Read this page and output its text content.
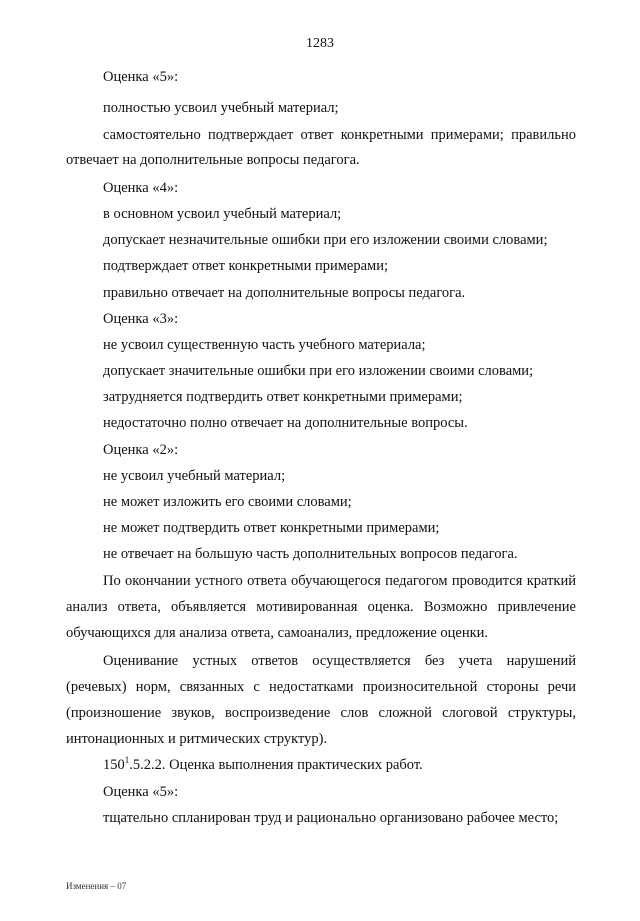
1283
Оценка «5»:
полностью усвоил учебный материал;
самостоятельно подтверждает ответ конкретными примерами; правильно
отвечает на дополнительные вопросы педагога.
Оценка «4»:
в основном усвоил учебный материал;
допускает незначительные ошибки при его изложении своими словами;
подтверждает ответ конкретными примерами;
правильно отвечает на дополнительные вопросы педагога.
Оценка «3»:
не усвоил существенную часть учебного материала;
допускает значительные ошибки при его изложении своими словами;
затрудняется подтвердить ответ конкретными примерами;
недостаточно полно отвечает на дополнительные вопросы.
Оценка «2»:
не усвоил учебный материал;
не может изложить его своими словами;
не может подтвердить ответ конкретными примерами;
не отвечает на большую часть дополнительных вопросов педагога.
По окончании устного ответа обучающегося педагогом проводится краткий
анализ ответа, объявляется мотивированная оценка. Возможно привлечение
обучающихся для анализа ответа, самоанализ, предложение оценки.
Оценивание устных ответов осуществляется без учета нарушений
(речевых) норм, связанных с недостатками произносительной стороны речи
(произношение звуков, воспроизведение слов сложной слоговой структуры,
интонационных и ритмических структур).
$150^1.5.2.2$. Оценка выполнения практических работ.
Оценка «5»:
тщательно спланирован труд и рационально организовано рабочее место;
Изменения – 07
